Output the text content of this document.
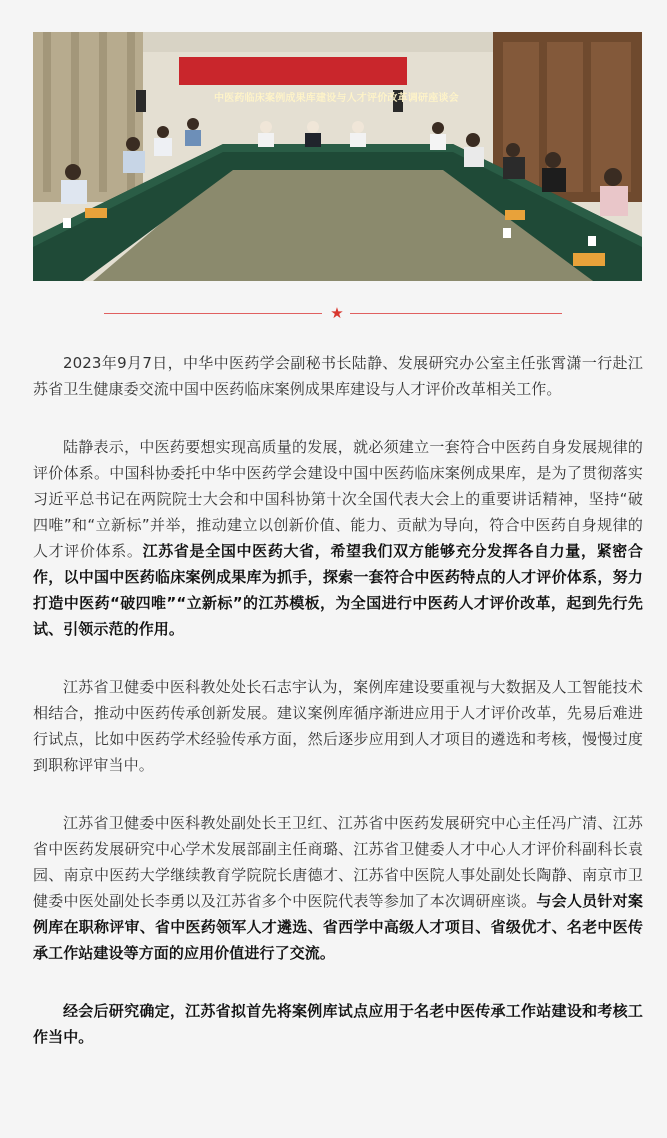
中医药临床案例成果库建设与人才评价改革调研座谈会
★

2023年9月7日，中华中医药学会副秘书长陆静、发展研究办公室主任张霄潇一行赴江苏省卫生健康委交流中国中医药临床案例成果库建设与人才评价改革相关工作。

陆静表示，中医药要想实现高质量的发展，就必须建立一套符合中医药自身发展规律的评价体系。中国科协委托中华中医药学会建设中国中医药临床案例成果库，是为了贯彻落实习近平总书记在两院院士大会和中国科协第十次全国代表大会上的重要讲话精神，坚持“破四唯”和“立新标”并举，推动建立以创新价值、能力、贡献为导向，符合中医药自身规律的人才评价体系。江苏省是全国中医药大省，希望我们双方能够充分发挥各自力量，紧密合作，以中国中医药临床案例成果库为抓手，探索一套符合中医药特点的人才评价体系，努力打造中医药“破四唯”“立新标”的江苏模板，为全国进行中医药人才评价改革，起到先行先试、引领示范的作用。

江苏省卫健委中医科教处处长石志宇认为，案例库建设要重视与大数据及人工智能技术相结合，推动中医药传承创新发展。建议案例库循序渐进应用于人才评价改革，先易后难进行试点，比如中医药学术经验传承方面，然后逐步应用到人才项目的遴选和考核，慢慢过度到职称评审当中。

江苏省卫健委中医科教处副处长王卫红、江苏省中医药发展研究中心主任冯广清、江苏省中医药发展研究中心学术发展部副主任商璐、江苏省卫健委人才中心人才评价科副科长袁园、南京中医药大学继续教育学院院长唐德才、江苏省中医院人事处副处长陶静、南京市卫健委中医处副处长李勇以及江苏省多个中医院代表等参加了本次调研座谈。与会人员针对案例库在职称评审、省中医药领军人才遴选、省西学中高级人才项目、省级优才、名老中医传承工作站建设等方面的应用价值进行了交流。

经会后研究确定，江苏省拟首先将案例库试点应用于名老中医传承工作站建设和考核工作当中。
